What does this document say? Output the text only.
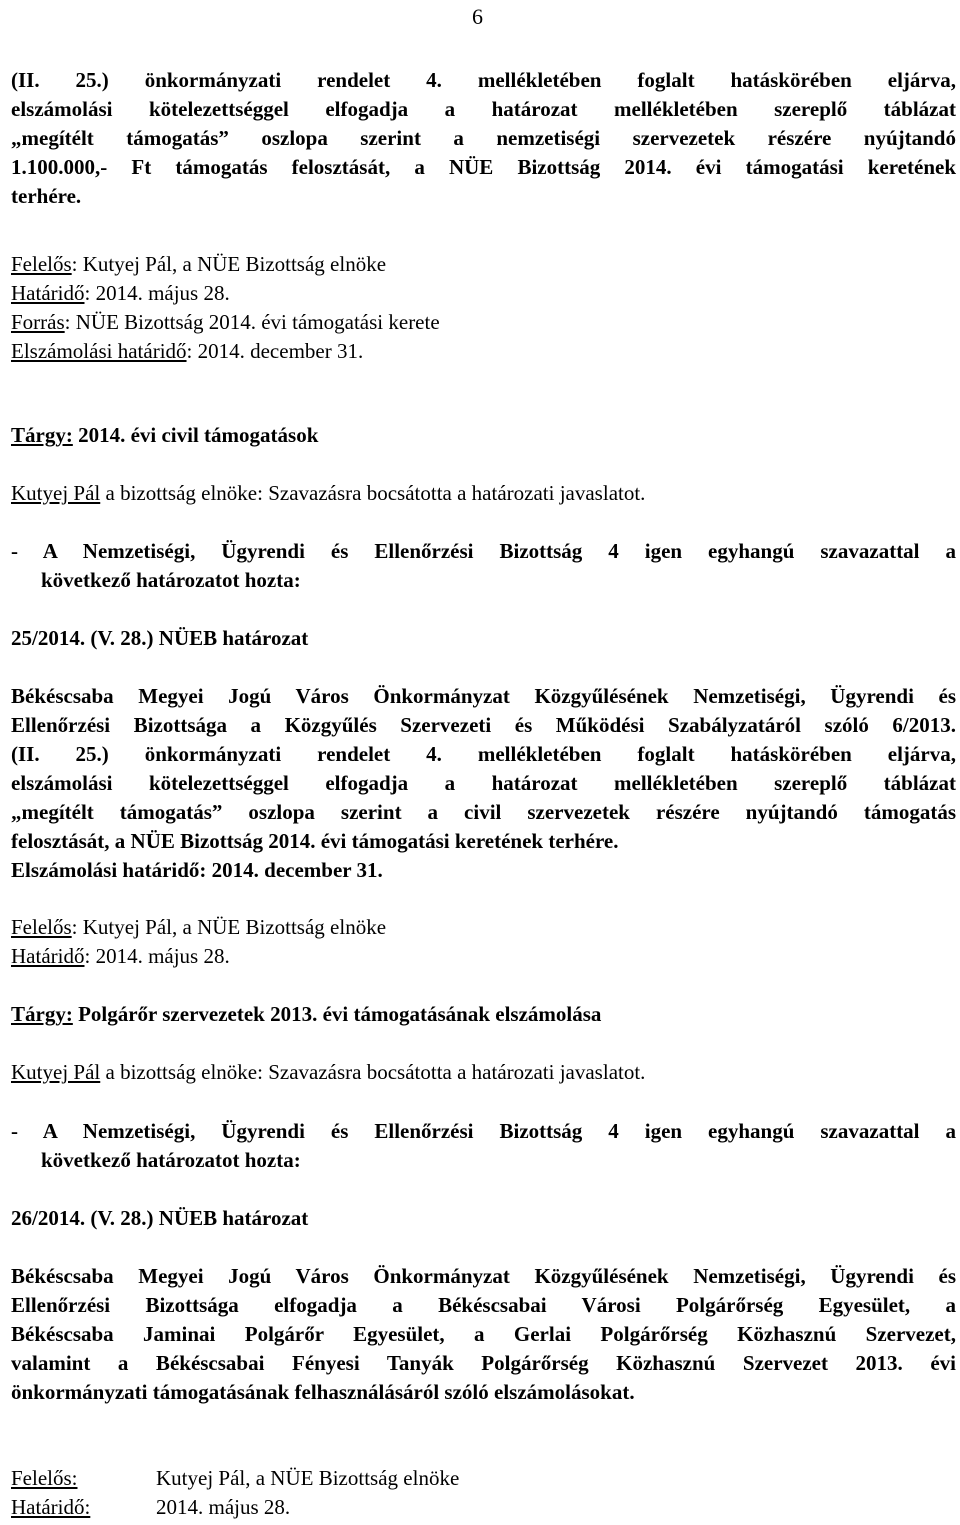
6
(II. 25.) önkormányzati rendelet 4. mellékletében foglalt hatáskörében eljárva,
elszámolási kötelezettséggel elfogadja a határozat mellékletében szereplő táblázat
„megítélt támogatás” oszlopa szerint a nemzetiségi szervezetek részére nyújtandó
1.100.000,- Ft támogatás felosztását, a NÜE Bizottság 2014. évi támogatási keretének
terhére.
Felelős: Kutyej Pál, a NÜE Bizottság elnöke
Határidő: 2014. május 28.
Forrás: NÜE Bizottság 2014. évi támogatási kerete
Elszámolási határidő: 2014. december 31.
Tárgy: 2014. évi civil támogatások
Kutyej Pál a bizottság elnöke: Szavazásra bocsátotta a határozati javaslatot.
- A Nemzetiségi, Ügyrendi és Ellenőrzési Bizottság 4 igen egyhangú szavazattal a
következő határozatot hozta:
25/2014. (V. 28.) NÜEB határozat
Békéscsaba Megyei Jogú Város Önkormányzat Közgyűlésének Nemzetiségi, Ügyrendi és
Ellenőrzési Bizottsága a Közgyűlés Szervezeti és Működési Szabályzatáról szóló 6/2013.
(II. 25.) önkormányzati rendelet 4. mellékletében foglalt hatáskörében eljárva,
elszámolási kötelezettséggel elfogadja a határozat mellékletében szereplő táblázat
„megítélt támogatás” oszlopa szerint a civil szervezetek részére nyújtandó támogatás
felosztását, a NÜE Bizottság 2014. évi támogatási keretének terhére.
Elszámolási határidő: 2014. december 31.
Felelős: Kutyej Pál, a NÜE Bizottság elnöke
Határidő: 2014. május 28.
Tárgy: Polgárőr szervezetek 2013. évi támogatásának elszámolása
Kutyej Pál a bizottság elnöke: Szavazásra bocsátotta a határozati javaslatot.
- A Nemzetiségi, Ügyrendi és Ellenőrzési Bizottság 4 igen egyhangú szavazattal a
következő határozatot hozta:
26/2014. (V. 28.) NÜEB határozat
Békéscsaba Megyei Jogú Város Önkormányzat Közgyűlésének Nemzetiségi, Ügyrendi és
Ellenőrzési Bizottsága elfogadja a Békéscsabai Városi Polgárőrség Egyesület, a
Békéscsaba Jaminai Polgárőr Egyesület, a Gerlai Polgárőrség Közhasznú Szervezet,
valamint a Békéscsabai Fényesi Tanyák Polgárőrség Közhasznú Szervezet 2013. évi
önkormányzati támogatásának felhasználásáról szóló elszámolásokat.
Felelős:	Kutyej Pál, a NÜE Bizottság elnöke
Határidő:	2014. május 28.
